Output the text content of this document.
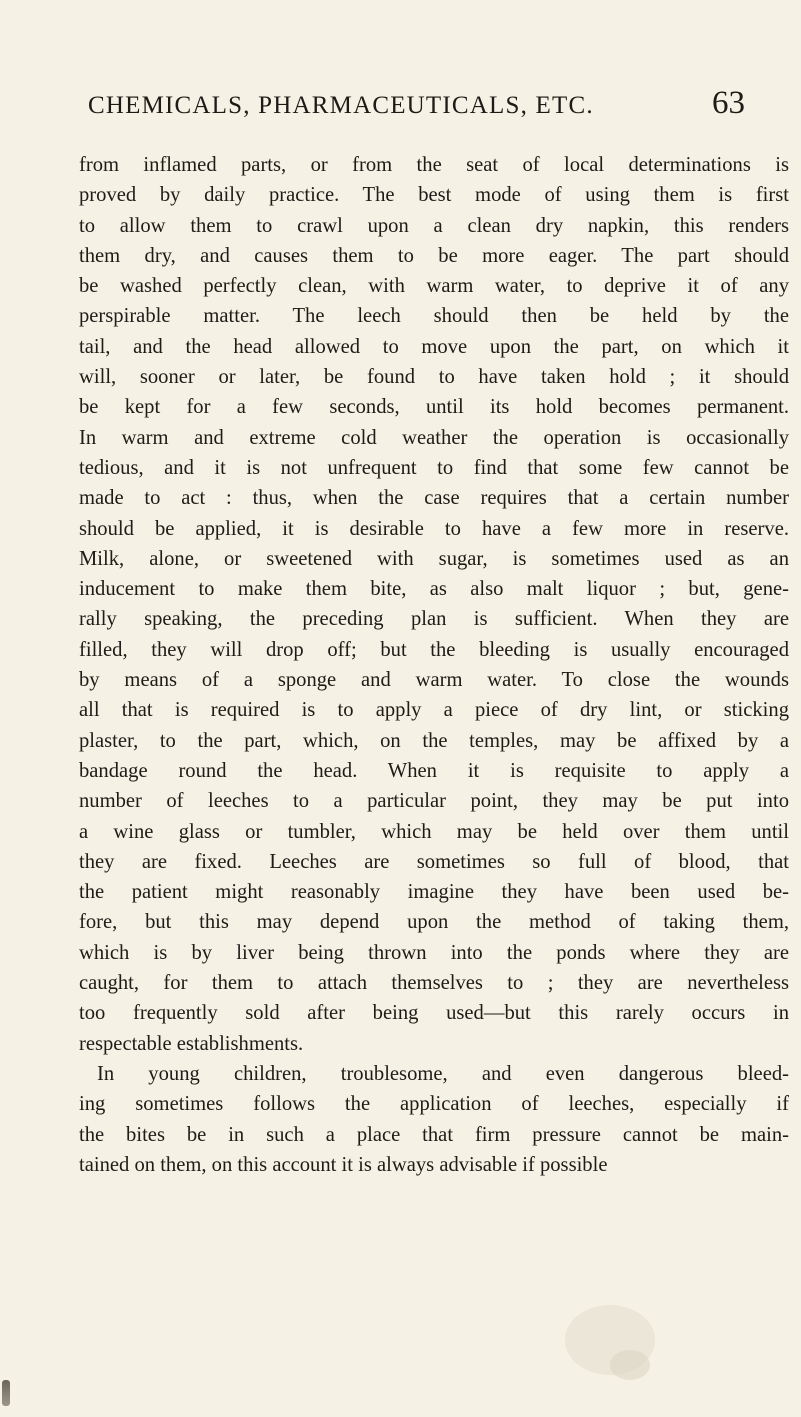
CHEMICALS, PHARMACEUTICALS, ETC.	63
from inflamed parts, or from the seat of local determinations is
proved by daily practice. The best mode of using them is first
to allow them to crawl upon a clean dry napkin, this renders
them dry, and causes them to be more eager. The part should
be washed perfectly clean, with warm water, to deprive it of any
perspirable matter. The leech should then be held by the
tail, and the head allowed to move upon the part, on which it
will, sooner or later, be found to have taken hold ; it should
be kept for a few seconds, until its hold becomes permanent.
In warm and extreme cold weather the operation is occasionally
tedious, and it is not unfrequent to find that some few cannot be
made to act : thus, when the case requires that a certain number
should be applied, it is desirable to have a few more in reserve.
Milk, alone, or sweetened with sugar, is sometimes used as an
inducement to make them bite, as also malt liquor ; but, gene-
rally speaking, the preceding plan is sufficient. When they are
filled, they will drop off; but the bleeding is usually encouraged
by means of a sponge and warm water. To close the wounds
all that is required is to apply a piece of dry lint, or sticking
plaster, to the part, which, on the temples, may be affixed by a
bandage round the head. When it is requisite to apply a
number of leeches to a particular point, they may be put into
a wine glass or tumbler, which may be held over them until
they are fixed. Leeches are sometimes so full of blood, that
the patient might reasonably imagine they have been used be-
fore, but this may depend upon the method of taking them,
which is by liver being thrown into the ponds where they are
caught, for them to attach themselves to ; they are nevertheless
too frequently sold after being used—but this rarely occurs in
respectable establishments.
In young children, troublesome, and even dangerous bleed-
ing sometimes follows the application of leeches, especially if
the bites be in such a place that firm pressure cannot be main-
tained on them, on this account it is always advisable if possible
